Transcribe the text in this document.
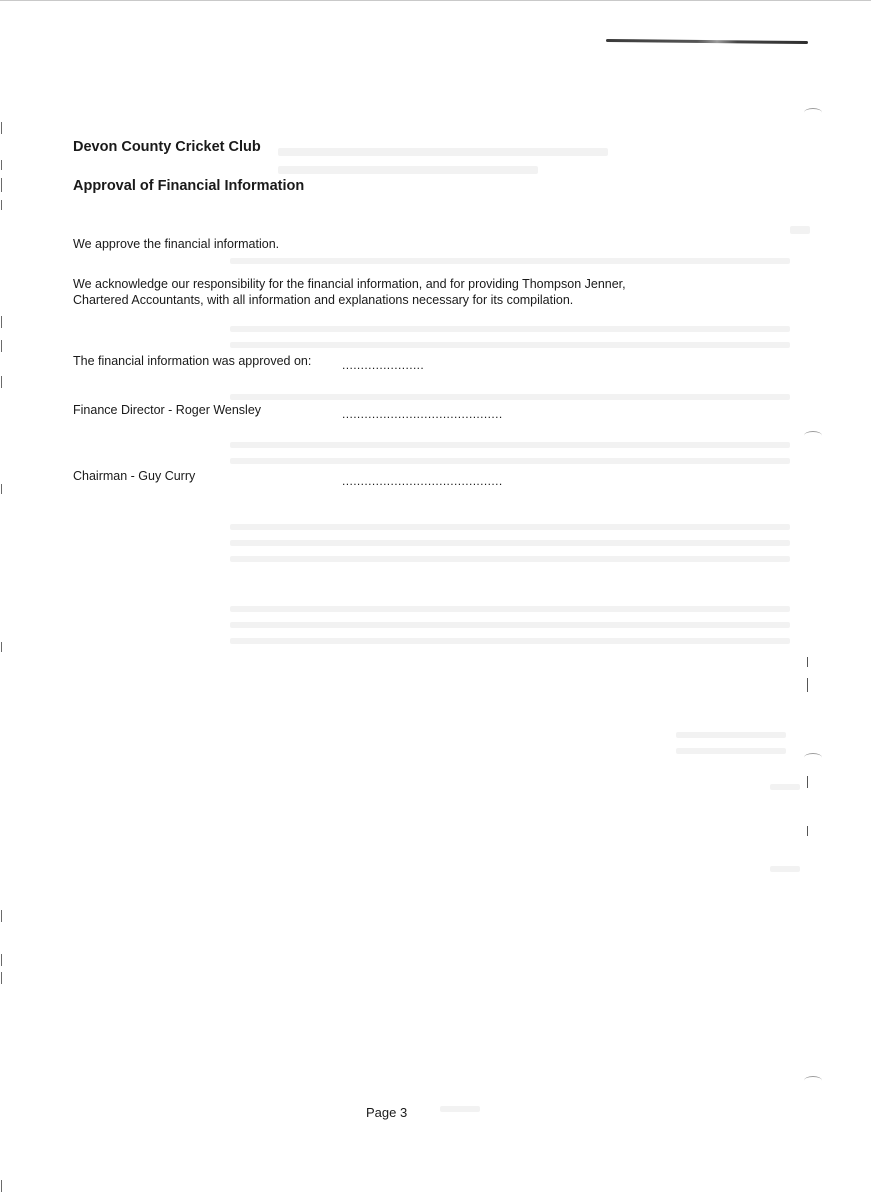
Devon County Cricket Club
Approval of Financial Information
We approve the financial information.
We acknowledge our responsibility for the financial information, and for providing Thompson Jenner,
Chartered Accountants, with all information and explanations necessary for its compilation.
The financial information was approved on:	......................
Finance Director - Roger Wensley	...........................................
Chairman - Guy Curry	...........................................
Page 3
